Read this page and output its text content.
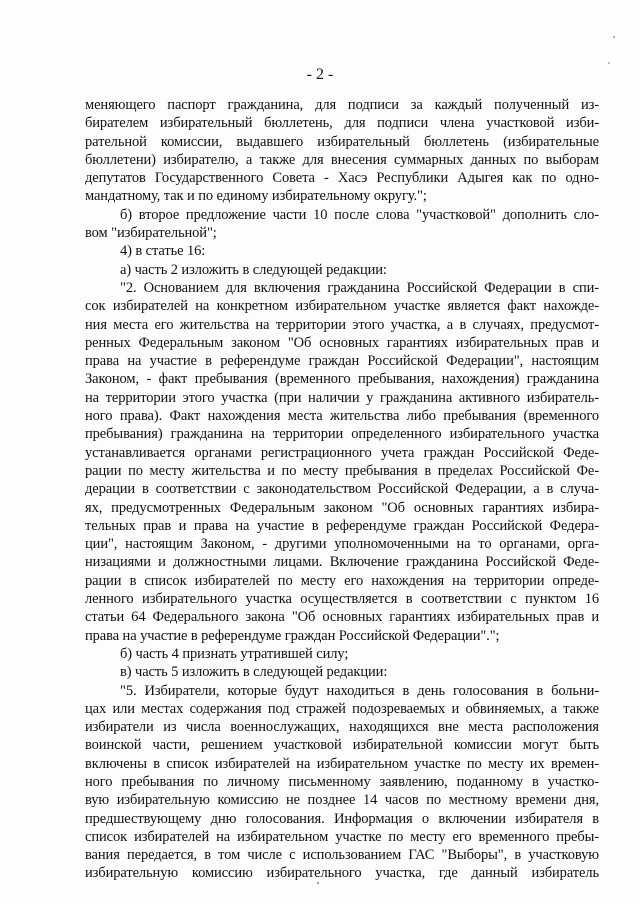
- 2 -
меняющего паспорт гражданина, для подписи за каждый полученный из-
бирателем избирательный бюллетень, для подписи члена участковой изби-
рательной комиссии, выдавшего избирательный бюллетень (избирательные
бюллетени) избирателю, а также для внесения суммарных данных по выборам
депутатов Государственного Совета - Хасэ Республики Адыгея как по одно-
мандатному, так и по единому избирательному округу.";
б) второе предложение части 10 после слова "участковой" дополнить сло-
вом "избирательной";
4) в статье 16:
а) часть 2 изложить в следующей редакции:
"2. Основанием для включения гражданина Российской Федерации в спи-
сок избирателей на конкретном избирательном участке является факт нахожде-
ния места его жительства на территории этого участка, а в случаях, предусмот-
ренных Федеральным законом "Об основных гарантиях избирательных прав и
права на участие в референдуме граждан Российской Федерации", настоящим
Законом, - факт пребывания (временного пребывания, нахождения) гражданина
на территории этого участка (при наличии у гражданина активного избиратель-
ного права). Факт нахождения места жительства либо пребывания (временного
пребывания) гражданина на территории определенного избирательного участка
устанавливается органами регистрационного учета граждан Российской Феде-
рации по месту жительства и по месту пребывания в пределах Российской Фе-
дерации в соответствии с законодательством Российской Федерации, а в случа-
ях, предусмотренных Федеральным законом "Об основных гарантиях избира-
тельных прав и права на участие в референдуме граждан Российской Федера-
ции", настоящим Законом, - другими уполномоченными на то органами, орга-
низациями и должностными лицами. Включение гражданина Российской Феде-
рации в список избирателей по месту его нахождения на территории опреде-
ленного избирательного участка осуществляется в соответствии с пунктом 16
статьи 64 Федерального закона "Об основных гарантиях избирательных прав и
права на участие в референдуме граждан Российской Федерации".";
б) часть 4 признать утратившей силу;
в) часть 5 изложить в следующей редакции:
"5. Избиратели, которые будут находиться в день голосования в больни-
цах или местах содержания под стражей подозреваемых и обвиняемых, а также
избиратели из числа военнослужащих, находящихся вне места расположения
воинской части, решением участковой избирательной комиссии могут быть
включены в список избирателей на избирательном участке по месту их времен-
ного пребывания по личному письменному заявлению, поданному в участко-
вую избирательную комиссию не позднее 14 часов по местному времени дня,
предшествующему дню голосования. Информация о включении избирателя в
список избирателей на избирательном участке по месту его временного пребы-
вания передается, в том числе с использованием ГАС "Выборы", в участковую
избирательную комиссию избирательного участка, где данный избиратель
